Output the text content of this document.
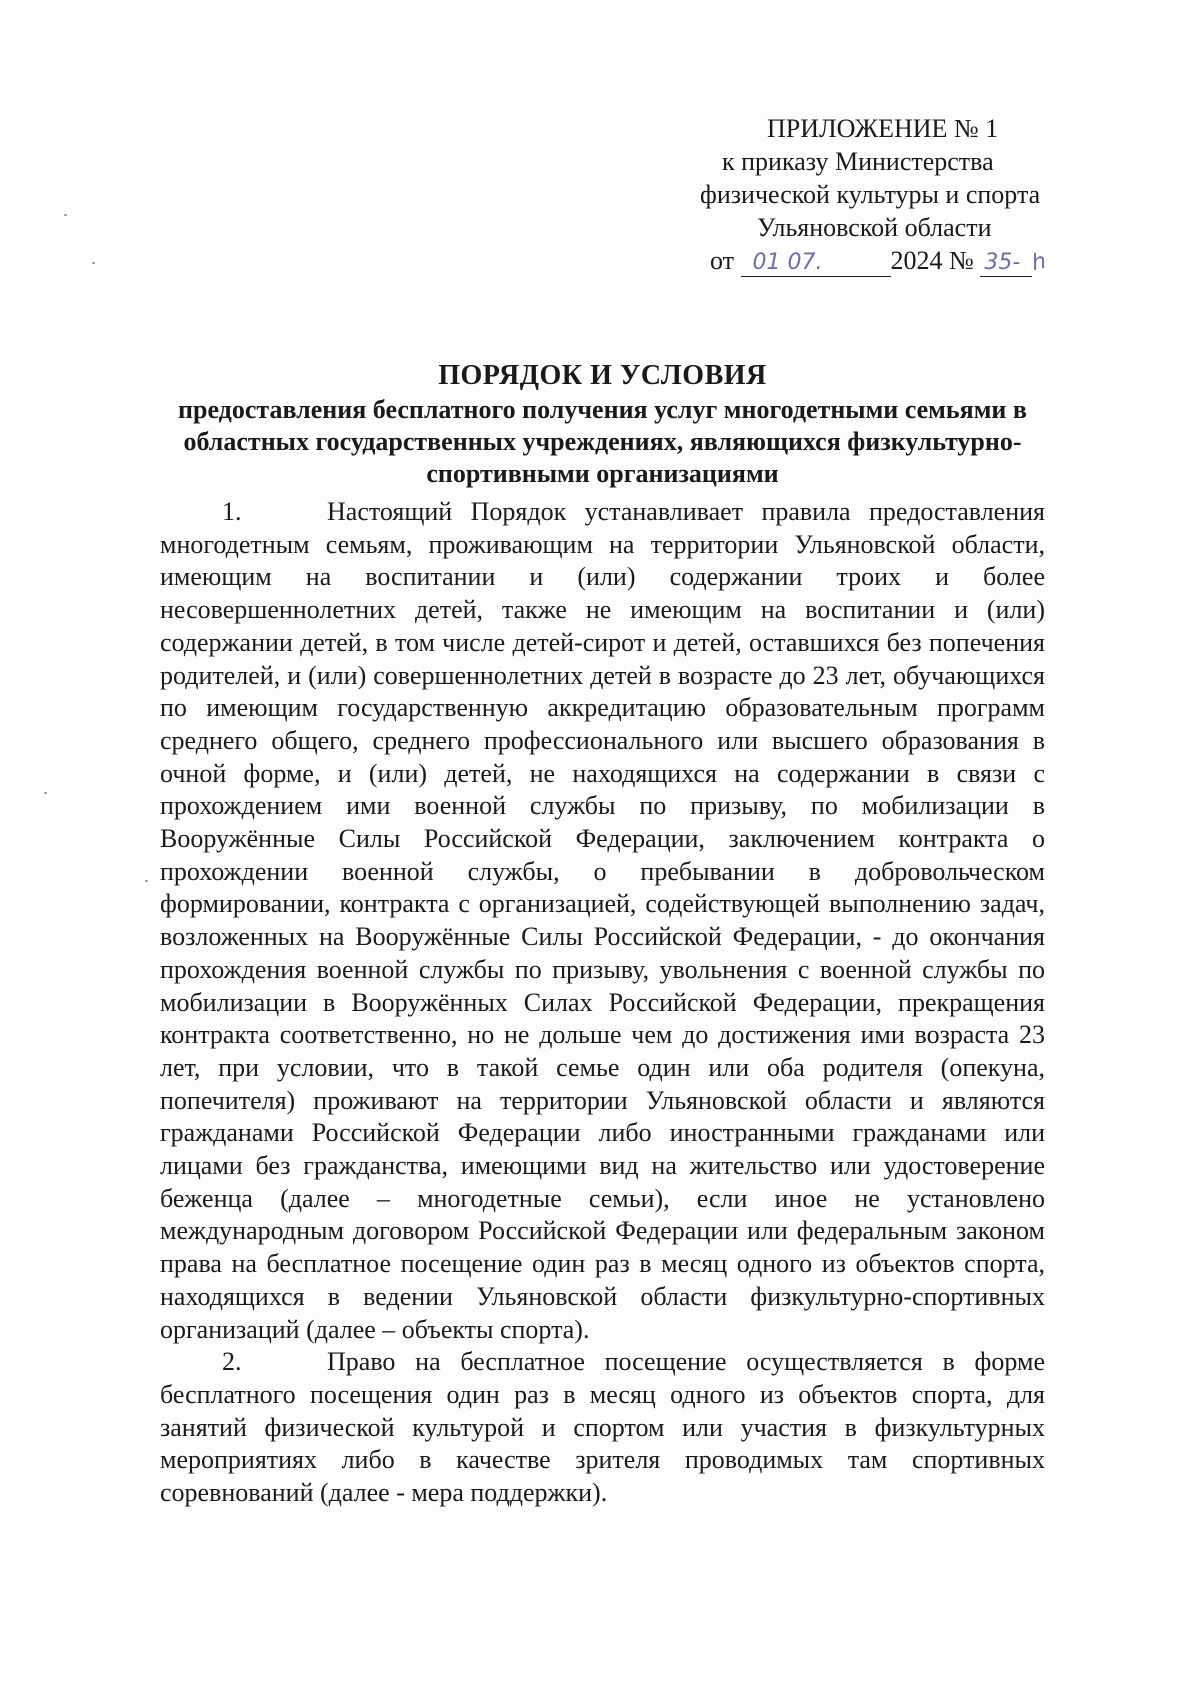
ПРИЛОЖЕНИЕ № 1
к приказу Министерства
физической культуры и спорта
Ульяновской области
от 01 07.	2024 № 35- h
ПОРЯДОК И УСЛОВИЯ
предоставления бесплатного получения услуг многодетными семьями в областных государственных учреждениях, являющихся физкультурно-спортивными организациями

1.	Настоящий Порядок устанавливает правила предоставления многодетным семьям, проживающим на территории Ульяновской области, имеющим на воспитании и (или) содержании троих и более несовершеннолетних детей, также не имеющим на воспитании и (или) содержании детей, в том числе детей-сирот и детей, оставшихся без попечения родителей, и (или) совершеннолетних детей в возрасте до 23 лет, обучающихся по имеющим государственную аккредитацию образовательным программ среднего общего, среднего профессионального или высшего образования в очной форме, и (или) детей, не находящихся на содержании в связи с прохождением ими военной службы по призыву, по мобилизации в Вооружённые Силы Российской Федерации, заключением контракта о прохождении военной службы, о пребывании в добровольческом формировании, контракта с организацией, содействующей выполнению задач, возложенных на Вооружённые Силы Российской Федерации, - до окончания прохождения военной службы по призыву, увольнения с военной службы по мобилизации в Вооружённых Силах Российской Федерации, прекращения контракта соответственно, но не дольше чем до достижения ими возраста 23 лет, при условии, что в такой семье один или оба родителя (опекуна, попечителя) проживают на территории Ульяновской области и являются гражданами Российской Федерации либо иностранными гражданами или лицами без гражданства, имеющими вид на жительство или удостоверение беженца (далее – многодетные семьи), если иное не установлено международным договором Российской Федерации или федеральным законом права на бесплатное посещение один раз в месяц одного из объектов спорта, находящихся в ведении Ульяновской области физкультурно-спортивных организаций (далее – объекты спорта).

2.	Право на бесплатное посещение осуществляется в форме бесплатного посещения один раз в месяц одного из объектов спорта, для занятий физической культурой и спортом или участия в физкультурных мероприятиях либо в качестве зрителя проводимых там спортивных соревнований (далее - мера поддержки).
